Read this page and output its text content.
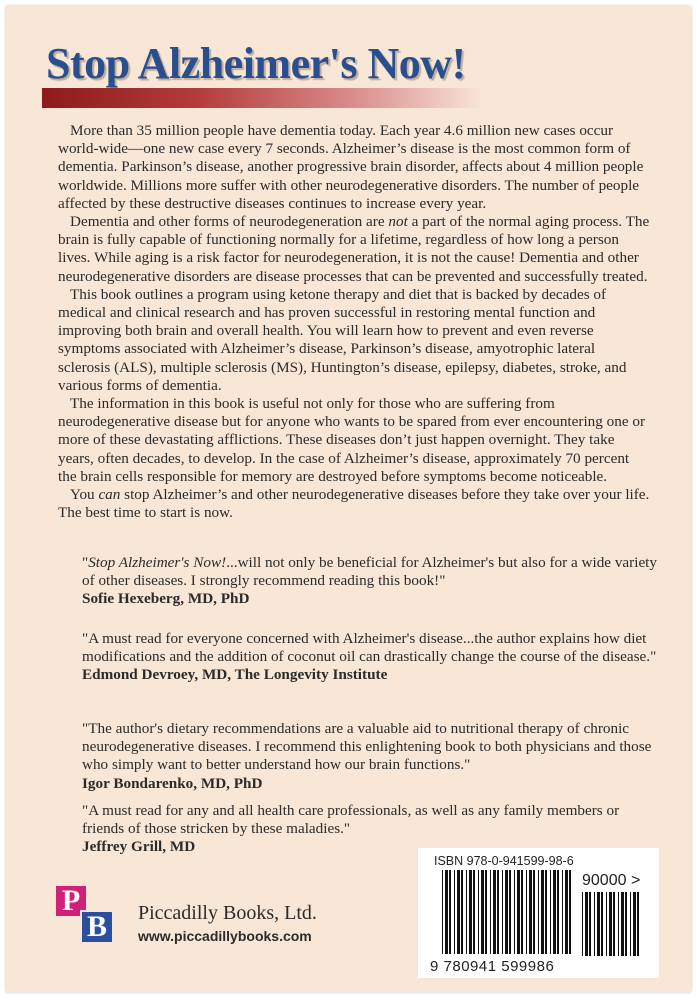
Stop Alzheimer's Now!

More than 35 million people have dementia today. Each year 4.6 million new cases occur world-wide—one new case every 7 seconds. Alzheimer’s disease is the most common form of dementia. Parkinson’s disease, another progressive brain disorder, affects about 4 million people worldwide. Millions more suffer with other neurodegenerative disorders. The number of people affected by these destructive diseases continues to increase every year.

Dementia and other forms of neurodegeneration are not a part of the normal aging process. The brain is fully capable of functioning normally for a lifetime, regardless of how long a person lives. While aging is a risk factor for neurodegeneration, it is not the cause! Dementia and other neurodegenerative disorders are disease processes that can be prevented and successfully treated.

This book outlines a program using ketone therapy and diet that is backed by decades of medical and clinical research and has proven successful in restoring mental function and improving both brain and overall health. You will learn how to prevent and even reverse symptoms associated with Alzheimer’s disease, Parkinson’s disease, amyotrophic lateral sclerosis (ALS), multiple sclerosis (MS), Huntington’s disease, epilepsy, diabetes, stroke, and various forms of dementia.

The information in this book is useful not only for those who are suffering from neurodegenerative disease but for anyone who wants to be spared from ever encountering one or more of these devastating afflictions. These diseases don’t just happen overnight. They take years, often decades, to develop. In the case of Alzheimer’s disease, approximately 70 percent the brain cells responsible for memory are destroyed before symptoms become noticeable.

You can stop Alzheimer’s and other neurodegenerative diseases before they take over your life. The best time to start is now.

"Stop Alzheimer's Now!...will not only be beneficial for Alzheimer's but also for a wide variety of other diseases. I strongly recommend reading this book!"
Sofie Hexeberg, MD, PhD
"A must read for everyone concerned with Alzheimer's disease...the author explains how diet modifications and the addition of coconut oil can drastically change the course of the disease."
Edmond Devroey, MD, The Longevity Institute
"The author's dietary recommendations are a valuable aid to nutritional therapy of chronic neurodegenerative diseases. I recommend this enlightening book to both physicians and those who simply want to better understand how our brain functions."
Igor Bondarenko, MD, PhD
"A must read for any and all health care professionals, as well as any family members or friends of those stricken by these maladies."
Jeffrey Grill, MD
P
B	Piccadilly Books, Ltd.
www.piccadillybooks.com
ISBN 978-0-941599-98-6
90000 >
9 780941 599986
